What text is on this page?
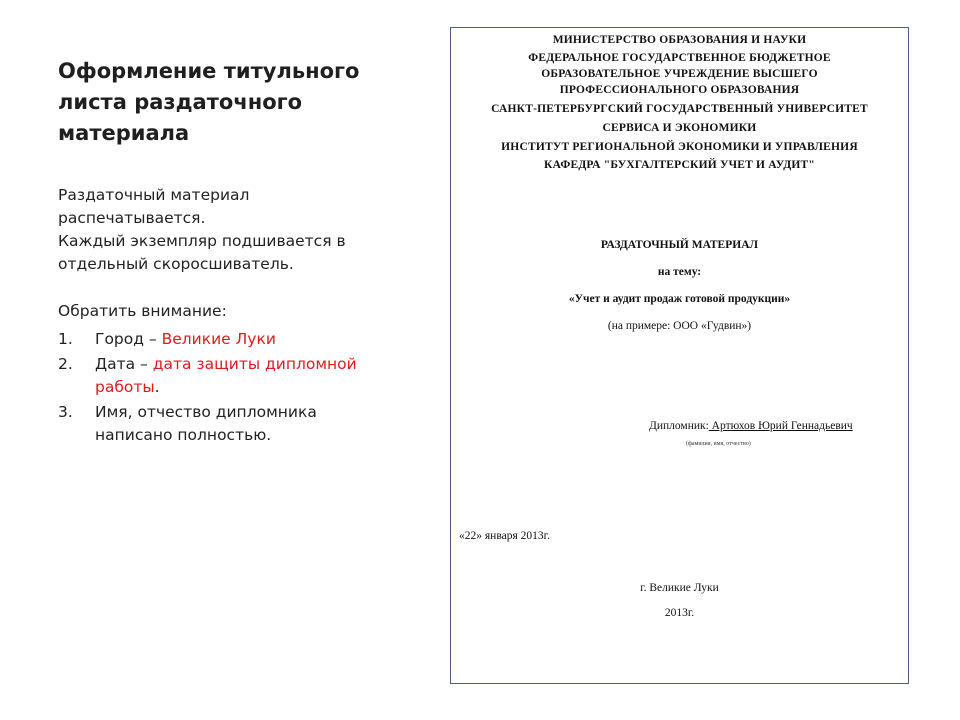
Оформление титульного листа раздаточного материала
Раздаточный материал
распечатывается.
Каждый экземпляр подшивается в
отдельный скоросшиватель.
Обратить внимание:
1. Город – Великие Луки
2. Дата – дата защиты дипломной работы.
3. Имя, отчество дипломника написано полностью.
МИНИСТЕРСТВО ОБРАЗОВАНИЯ И НАУКИ
ФЕДЕРАЛЬНОЕ ГОСУДАРСТВЕННОЕ БЮДЖЕТНОЕ
ОБРАЗОВАТЕЛЬНОЕ УЧРЕЖДЕНИЕ ВЫСШЕГО
ПРОФЕССИОНАЛЬНОГО ОБРАЗОВАНИЯ
САНКТ-ПЕТЕРБУРГСКИЙ ГОСУДАРСТВЕННЫЙ УНИВЕРСИТЕТ
СЕРВИСА И ЭКОНОМИКИ
ИНСТИТУТ РЕГИОНАЛЬНОЙ ЭКОНОМИКИ И УПРАВЛЕНИЯ
КАФЕДРА "БУХГАЛТЕРСКИЙ УЧЕТ И АУДИТ"
РАЗДАТОЧНЫЙ МАТЕРИАЛ
на тему:
«Учет и аудит продаж готовой продукции»
(на примере: ООО «Гудвин»)
Дипломник: Артюхов Юрий Геннадьевич
(фамилия, имя, отчество)
«22» января 2013г.
г. Великие Луки
2013г.
